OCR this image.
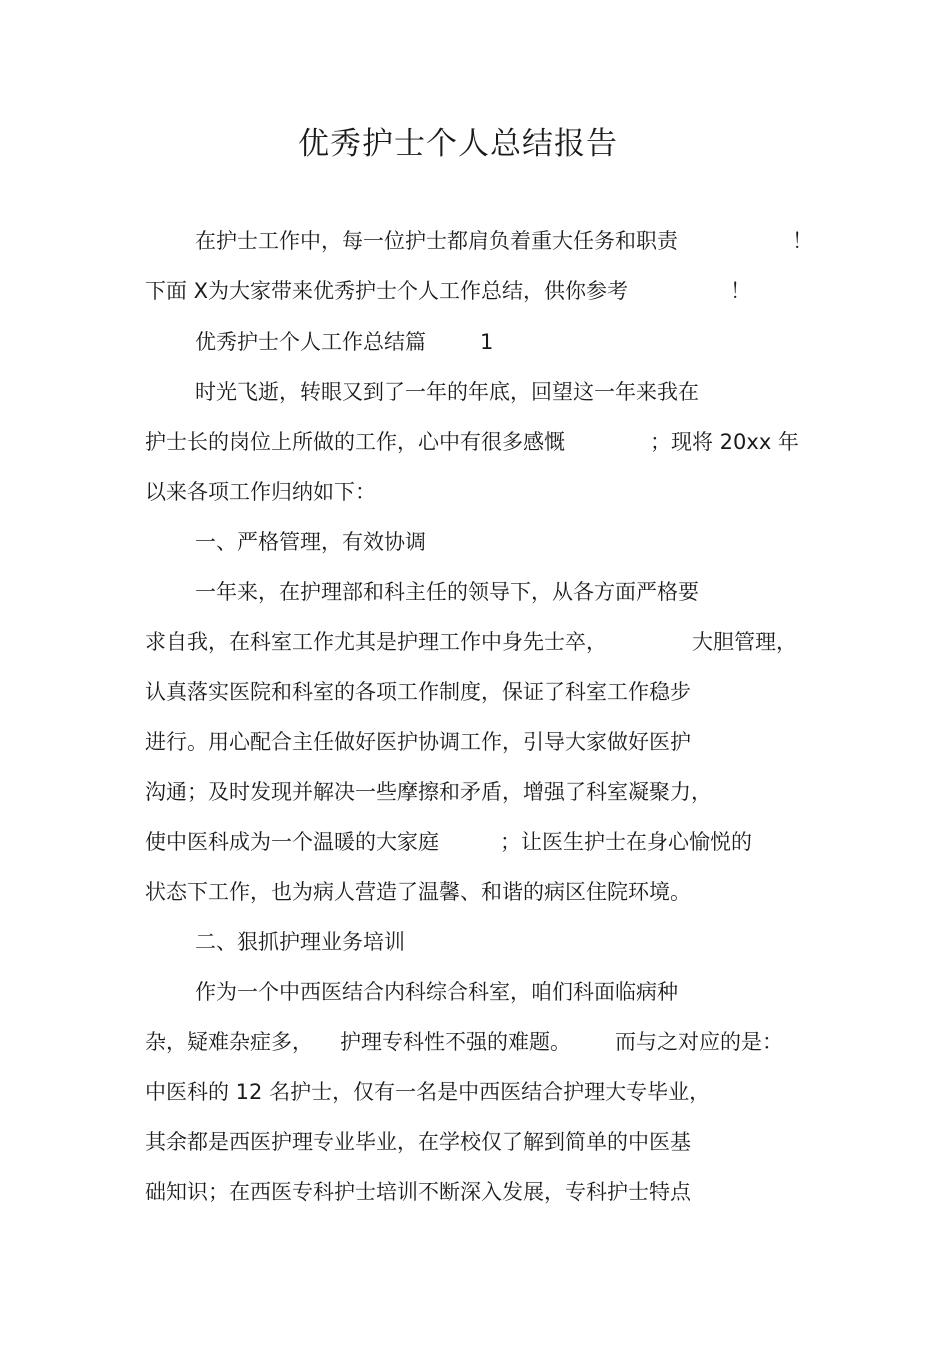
优秀护士个人总结报告

在护士工作中，每一位护士都肩负着重大任务和职责

	！

下面 X为大家带来优秀护士个人工作总结，供你参考

	！

优秀护士个人工作总结篇

	1

时光飞逝，转眼又到了一年的年底，回望这一年来我在

护士长的岗位上所做的工作，心中有很多感慨

	；现将 20xx 年

以来各项工作归纳如下：

一、严格管理，有效协调

一年来，在护理部和科主任的领导下，从各方面严格要

求自我，在科室工作尤其是护理工作中身先士卒，

	大胆管理，

认真落实医院和科室的各项工作制度，保证了科室工作稳步

进行。用心配合主任做好医护协调工作，引导大家做好医护

沟通；及时发现并解决一些摩擦和矛盾，增强了科室凝聚力，

使中医科成为一个温暖的大家庭

	；让医生护士在身心愉悦的

状态下工作，也为病人营造了温馨、和谐的病区住院环境。

二、狠抓护理业务培训

作为一个中西医结合内科综合科室，咱们科面临病种

杂，疑难杂症多，

护理专科性不强的难题。

而与之对应的是：

中医科的 12 名护士，仅有一名是中西医结合护理大专毕业，

其余都是西医护理专业毕业，在学校仅了解到简单的中医基

础知识；在西医专科护士培训不断深入发展，专科护士特点
